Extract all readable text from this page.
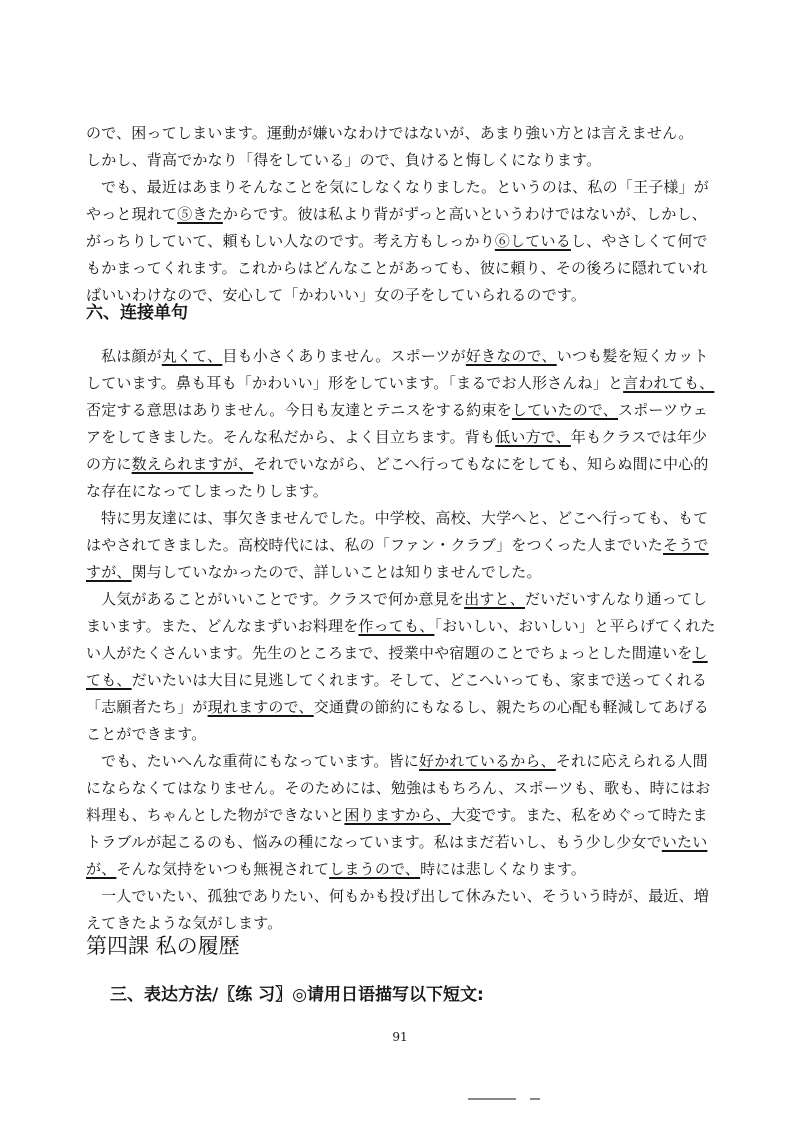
ので、困ってしまいます。運動が嫌いなわけではないが、あまり強い方とは言えません。
しかし、背高でかなり「得をしている」ので、負けると悔しくになります。

でも、最近はあまりそんなことを気にしなくなりました。というのは、私の「王子様」がやっと現れて⑤きたからです。彼は私より背がずっと高いというわけではないが、しかし、がっちりしていて、頼もしい人なのです。考え方もしっかり⑥しているし、やさしくて何でもかまってくれます。これからはどんなことがあっても、彼に頼り、その後ろに隠れていればいいわけなので、安心して「かわいい」女の子をしていられるのです。

六、连接单句

私は顔が丸くて、目も小さくありません。スポーツが好きなので、いつも髪を短くカットしています。鼻も耳も「かわいい」形をしています。「まるでお人形さんね」と言われても、否定する意思はありません。今日も友達とテニスをする約束をしていたので、スポーツウェアをしてきました。そんな私だから、よく目立ちます。背も低い方で、年もクラスでは年少の方に数えられますが、それでいながら、どこへ行ってもなにをしても、知らぬ間に中心的な存在になってしまったりします。

特に男友達には、事欠きませんでした。中学校、高校、大学へと、どこへ行っても、もてはやされてきました。高校時代には、私の「ファン・クラブ」をつくった人までいたそうですが、関与していなかったので、詳しいことは知りませんでした。

人気があることがいいことです。クラスで何か意見を出すと、だいだいすんなり通ってしまいます。また、どんなまずいお料理を作っても、「おいしい、おいしい」と平らげてくれたい人がたくさんいます。先生のところまで、授業中や宿題のことでちょっとした間違いをしても、だいたいは大目に見逃してくれます。そして、どこへいっても、家まで送ってくれる「志願者たち」が現れますので、交通費の節約にもなるし、親たちの心配も軽減してあげることができます。

でも、たいへんな重荷にもなっています。皆に好かれているから、それに応えられる人間にならなくてはなりません。そのためには、勉強はもちろん、スポーツも、歌も、時にはお料理も、ちゃんとした物ができないと困りますから、大変です。また、私をめぐって時たまトラブルが起こるのも、悩みの種になっています。私はまだ若いし、もう少し少女でいたいが、そんな気持をいつも無視されてしまうので、時には悲しくなります。

一人でいたい、孤独でありたい、何もかも投げ出して休みたい、そういう時が、最近、増えてきたような気がします。

第四課 私の履歴
三、表达方法/〖练 习〗◎请用日语描写以下短文:
91
